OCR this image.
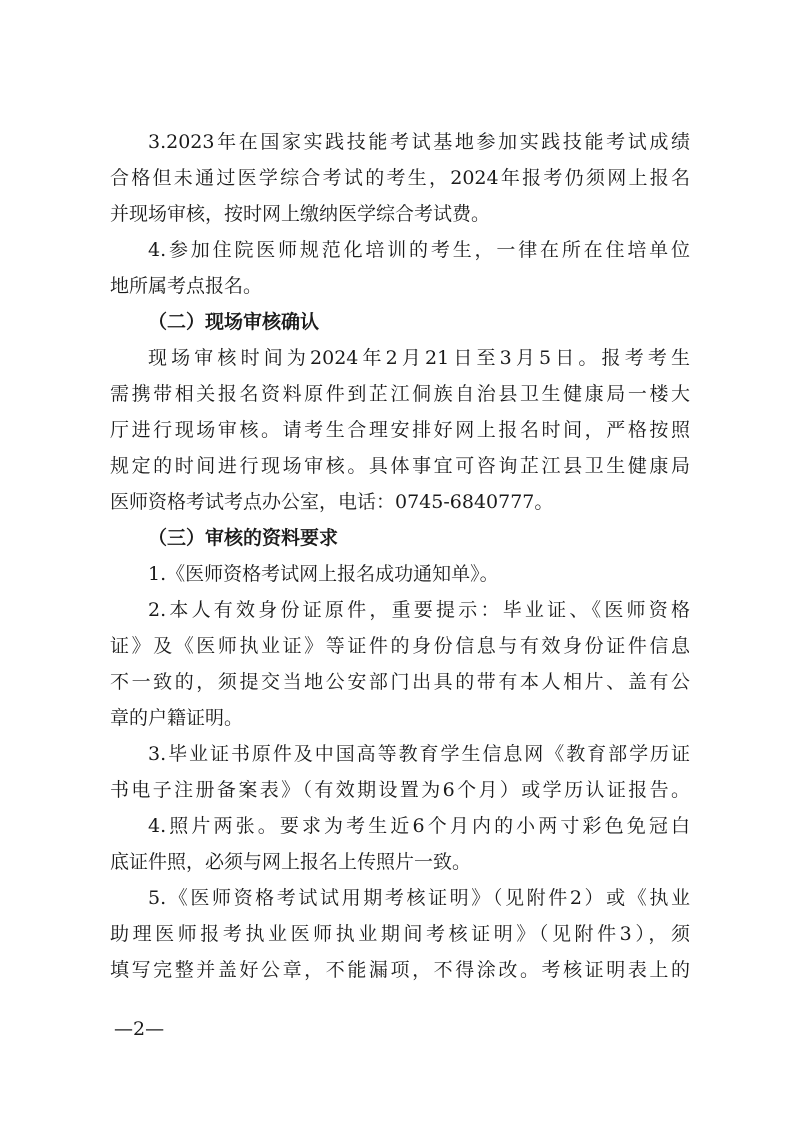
3.2023年在国家实践技能考试基地参加实践技能考试成绩
合格但未通过医学综合考试的考生，2024年报考仍须网上报名
并现场审核，按时网上缴纳医学综合考试费。
4.参加住院医师规范化培训的考生，一律在所在住培单位
地所属考点报名。
（二）现场审核确认
现场审核时间为2024年2月21日至3月5日。报考考生
需携带相关报名资料原件到芷江侗族自治县卫生健康局一楼大
厅进行现场审核。请考生合理安排好网上报名时间，严格按照
规定的时间进行现场审核。具体事宜可咨询芷江县卫生健康局
医师资格考试考点办公室，电话：0745-6840777。
（三）审核的资料要求
1.《医师资格考试网上报名成功通知单》。
2.本人有效身份证原件，重要提示：毕业证、《医师资格
证》及《医师执业证》等证件的身份信息与有效身份证件信息
不一致的，须提交当地公安部门出具的带有本人相片、盖有公
章的户籍证明。
3.毕业证书原件及中国高等教育学生信息网《教育部学历证
书电子注册备案表》（有效期设置为6个月）或学历认证报告。
4.照片两张。要求为考生近6个月内的小两寸彩色免冠白
底证件照，必须与网上报名上传照片一致。
5.《医师资格考试试用期考核证明》（见附件2）或《执业
助理医师报考执业医师执业期间考核证明》（见附件3），须
填写完整并盖好公章，不能漏项，不得涂改。考核证明表上的
—2—
